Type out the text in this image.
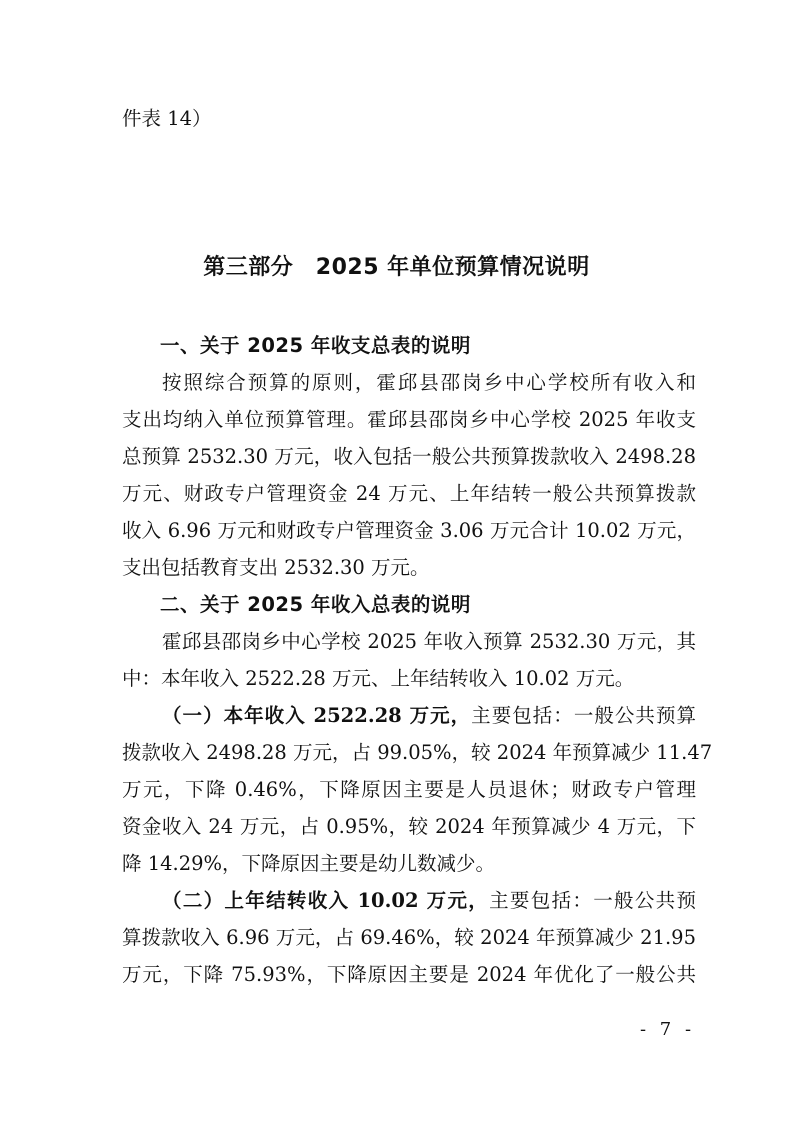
件表 14）
第三部分　2025 年单位预算情况说明
一、关于 2025 年收支总表的说明
按照综合预算的原则，霍邱县邵岗乡中心学校所有收入和
支出均纳入单位预算管理。霍邱县邵岗乡中心学校 2025 年收支
总预算 2532.30 万元，收入包括一般公共预算拨款收入 2498.28
万元、财政专户管理资金 24 万元、上年结转一般公共预算拨款
收入 6.96 万元和财政专户管理资金 3.06 万元合计 10.02 万元，
支出包括教育支出 2532.30 万元。
二、关于 2025 年收入总表的说明
霍邱县邵岗乡中心学校 2025 年收入预算 2532.30 万元，其
中：本年收入 2522.28 万元、上年结转收入 10.02 万元。
（一）本年收入 2522.28 万元，主要包括：一般公共预算
拨款收入 2498.28 万元，占 99.05%，较 2024 年预算减少 11.47
万元，下降 0.46%，下降原因主要是人员退休；财政专户管理
资金收入 24 万元，占 0.95%，较 2024 年预算减少 4 万元，下
降 14.29%，下降原因主要是幼儿数减少。
（二）上年结转收入 10.02 万元，主要包括：一般公共预
算拨款收入 6.96 万元，占 69.46%，较 2024 年预算减少 21.95
万元，下降 75.93%，下降原因主要是 2024 年优化了一般公共
- 7 -
